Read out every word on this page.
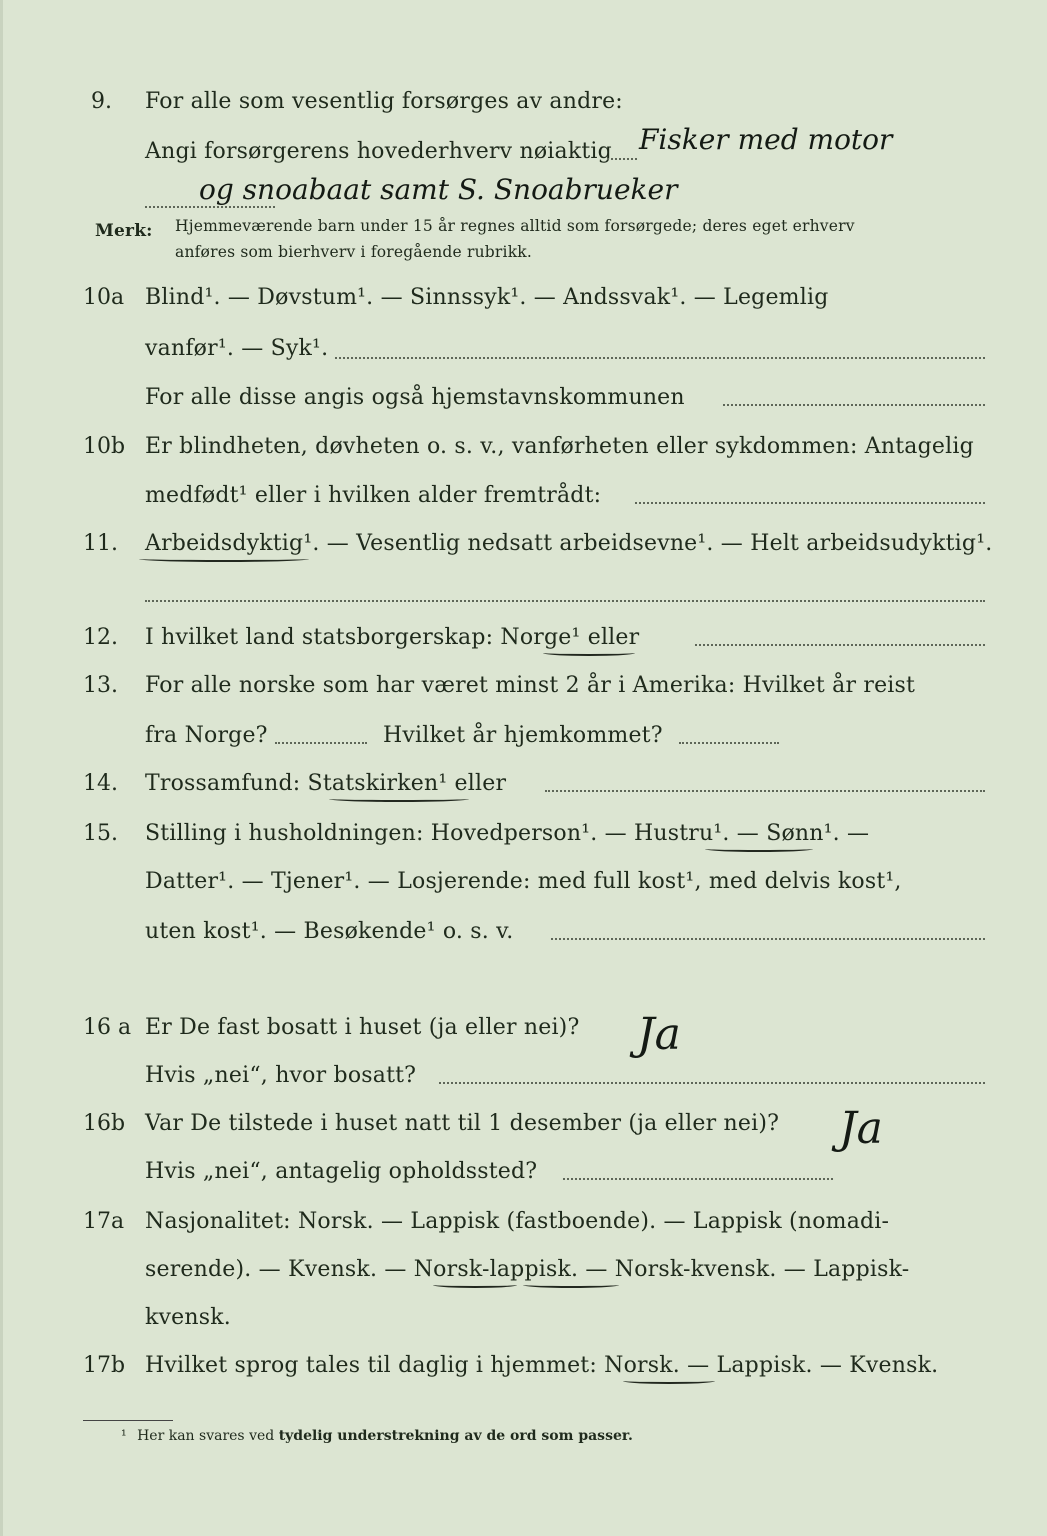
9. For alle som vesentlig forsørges av andre:
Angi forsørgerens hovederhverv nøiaktig Fisker med motor
og snoabaat samt S. Snoabrueker
Merk: Hjemmeværende barn under 15 år regnes alltid som forsørgede; deres eget erhverv
anføres som bierhverv i foregående rubrikk.
10a Blind¹. — Døvstum¹. — Sinnssyk¹. — Andssvak¹. — Legemlig
vanfør¹. — Syk¹.
For alle disse angis også hjemstavnskommunen
10b Er blindheten, døvheten o. s. v., vanførheten eller sykdommen: Antagelig
medfødt¹ eller i hvilken alder fremtrådt:
11. Arbeidsdyktig¹. — Vesentlig nedsatt arbeidsevne¹. — Helt arbeidsudyktig¹.
12. I hvilket land statsborgerskap: Norge¹ eller
13. For alle norske som har været minst 2 år i Amerika: Hvilket år reist
fra Norge?	Hvilket år hjemkommet?
14. Trossamfund: Statskirken¹ eller
15. Stilling i husholdningen: Hovedperson¹. — Hustru¹. — Sønn¹. —
Datter¹. — Tjener¹. — Losjerende: med full kost¹, med delvis kost¹,
uten kost¹. — Besøkende¹ o. s. v.
16 a Er De fast bosatt i huset (ja eller nei)? Ja
Hvis „nei“, hvor bosatt?
16b Var De tilstede i huset natt til 1 desember (ja eller nei)? Ja
Hvis „nei“, antagelig opholdssted?
17a Nasjonalitet: Norsk. — Lappisk (fastboende). — Lappisk (nomadi-
serende). — Kvensk. — Norsk-lappisk. — Norsk-kvensk. — Lappisk-
kvensk.
17b Hvilket sprog tales til daglig i hjemmet: Norsk. — Lappisk. — Kvensk.
¹ Her kan svares ved tydelig understrekning av de ord som passer.
